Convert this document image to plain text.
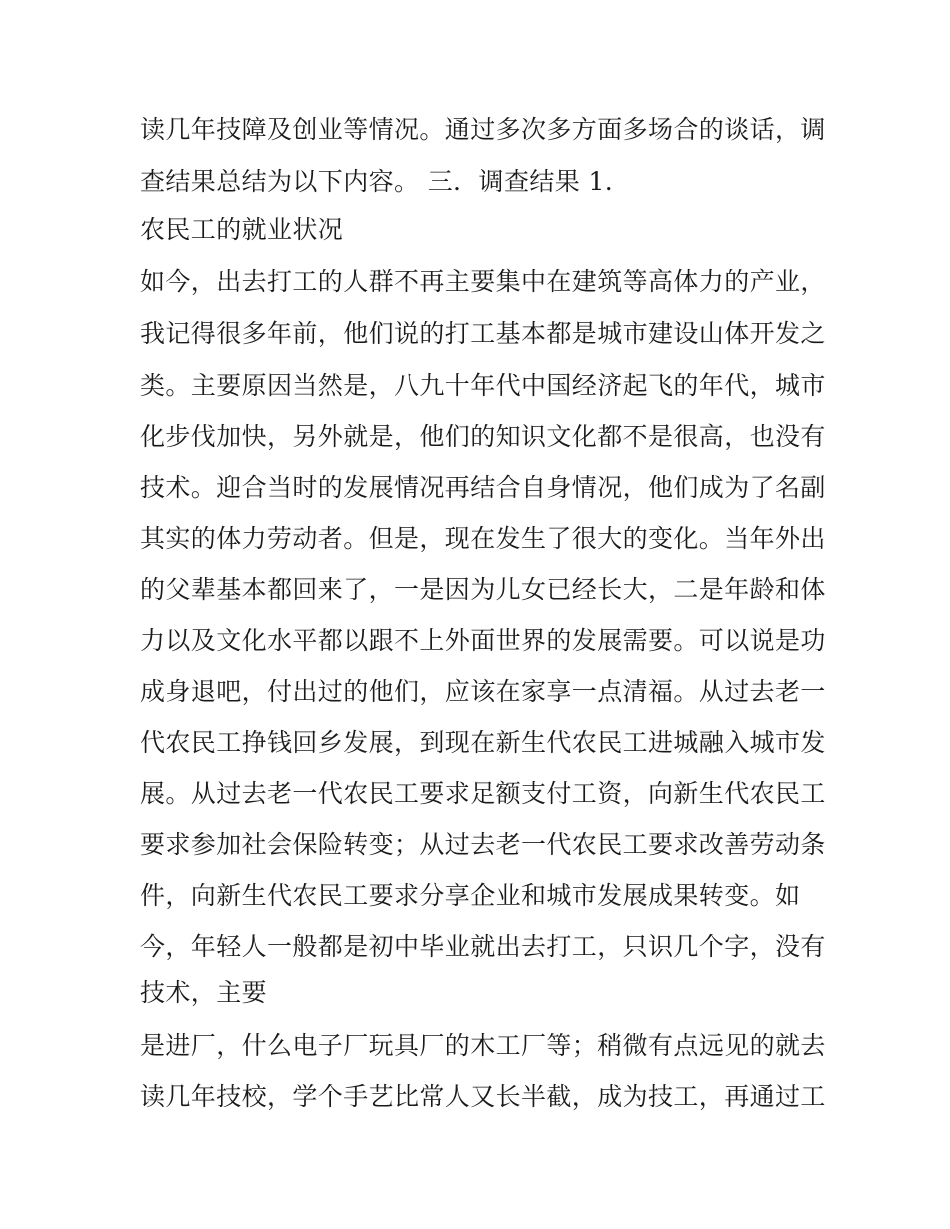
读几年技障及创业等情况。通过多次多方面多场合的谈话，调
查结果总结为以下内容。 三．调查结果 1.
农民工的就业状况
如今，出去打工的人群不再主要集中在建筑等高体力的产业，
我记得很多年前，他们说的打工基本都是城市建设山体开发之
类。主要原因当然是，八九十年代中国经济起飞的年代，城市
化步伐加快，另外就是，他们的知识文化都不是很高，也没有
技术。迎合当时的发展情况再结合自身情况，他们成为了名副
其实的体力劳动者。但是，现在发生了很大的变化。当年外出
的父辈基本都回来了，一是因为儿女已经长大，二是年龄和体
力以及文化水平都以跟不上外面世界的发展需要。可以说是功
成身退吧，付出过的他们，应该在家享一点清福。从过去老一
代农民工挣钱回乡发展，到现在新生代农民工进城融入城市发
展。从过去老一代农民工要求足额支付工资，向新生代农民工
要求参加社会保险转变；从过去老一代农民工要求改善劳动条
件，向新生代农民工要求分享企业和城市发展成果转变。如
今，年轻人一般都是初中毕业就出去打工，只识几个字，没有
技术，主要
是进厂，什么电子厂玩具厂的木工厂等；稍微有点远见的就去
读几年技校，学个手艺比常人又长半截，成为技工，再通过工
